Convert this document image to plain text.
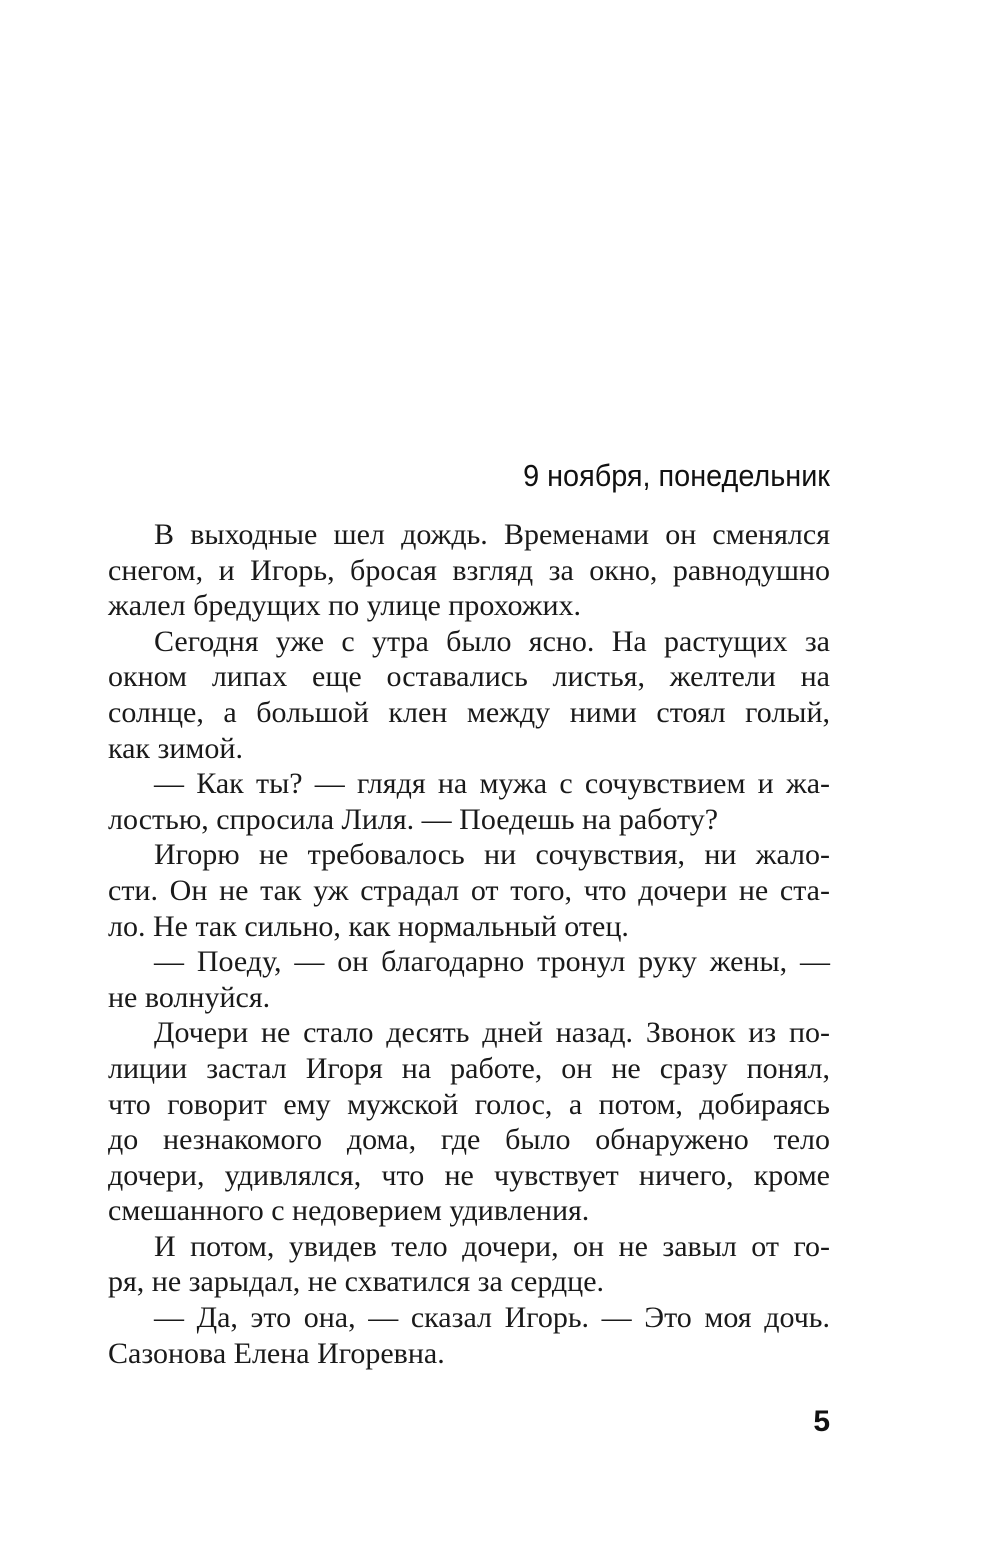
9 ноября, понедельник
В выходные шел дождь. Временами он сменялся
снегом, и Игорь, бросая взгляд за окно, равнодушно
жалел бредущих по улице прохожих.
Сегодня уже с утра было ясно. На растущих за
окном липах еще оставались листья, желтели на
солнце, а большой клен между ними стоял голый,
как зимой.
— Как ты? — глядя на мужа с сочувствием и жа-
лостью, спросила Лиля. — Поедешь на работу?
Игорю не требовалось ни сочувствия, ни жало-
сти. Он не так уж страдал от того, что дочери не ста-
ло. Не так сильно, как нормальный отец.
— Поеду, — он благодарно тронул руку жены, —
не волнуйся.
Дочери не стало десять дней назад. Звонок из по-
лиции застал Игоря на работе, он не сразу понял,
что говорит ему мужской голос, а потом, добираясь
до незнакомого дома, где было обнаружено тело
дочери, удивлялся, что не чувствует ничего, кроме
смешанного с недоверием удивления.
И потом, увидев тело дочери, он не завыл от го-
ря, не зарыдал, не схватился за сердце.
— Да, это она, — сказал Игорь. — Это моя дочь.
Сазонова Елена Игоревна.
5
